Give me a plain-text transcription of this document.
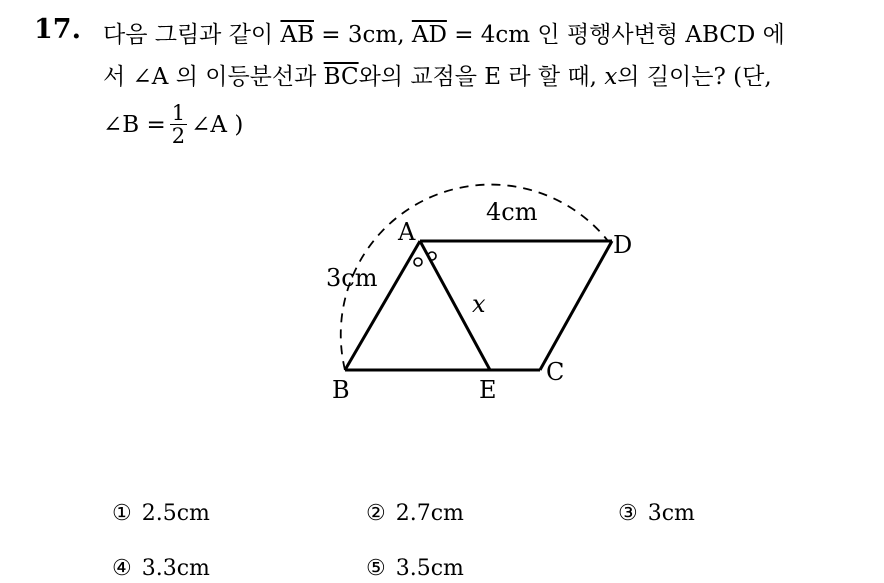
17. 다음 그림과 같이 $\overline{AB} = 3cm$, $\overline{AD} = 4cm$ 인 평행사변형 ABCD 에
서 ∠A 의 이등분선과 $\overline{BC}$와의 교점을 E 라 할 때, x의 길이는? (단,
∠B = $\frac{1}{2}$ ∠A )
A	D
B	E
C
3cm
4cm
x
① 2.5cm	② 2.7cm	③ 3cm
④ 3.3cm	⑤ 3.5cm
